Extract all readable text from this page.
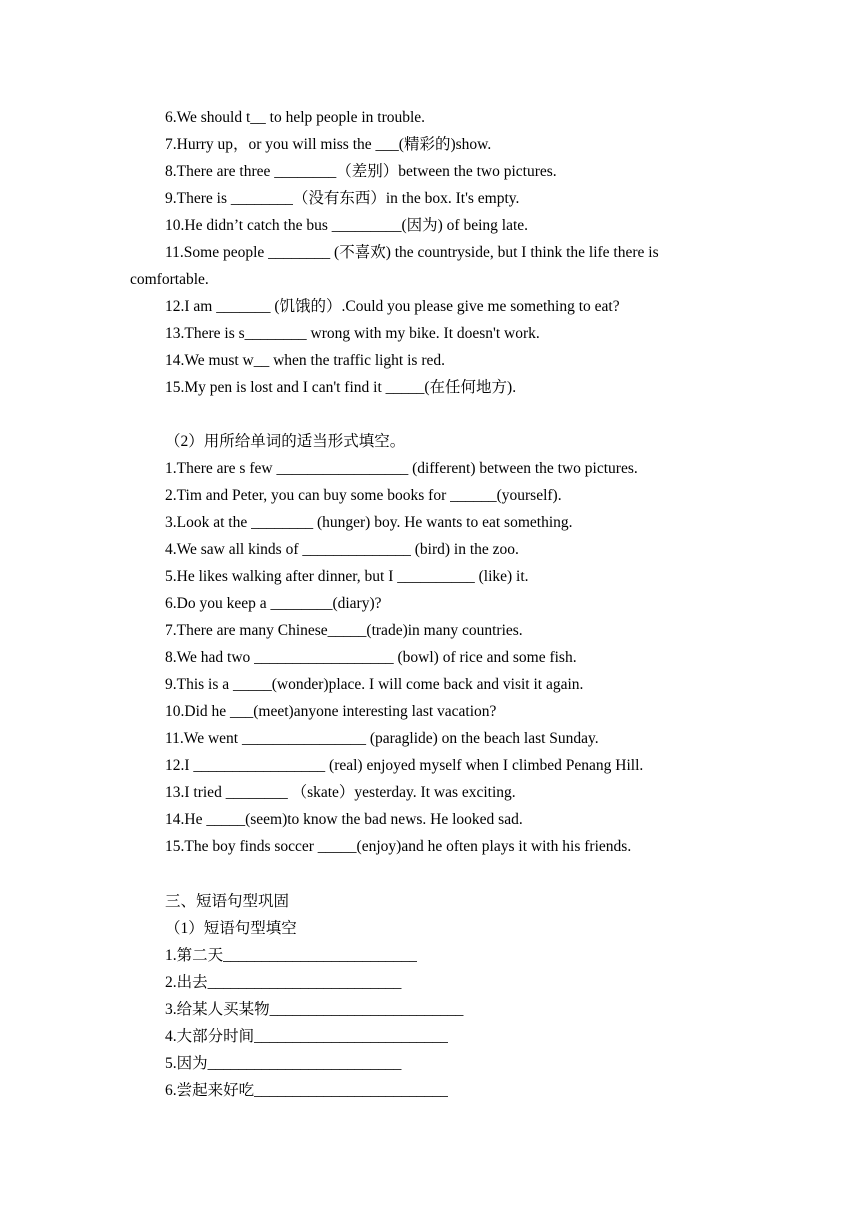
6.We should t__ to help people in trouble.

7.Hurry up，or you will miss the ___(精彩的)show.

8.There are three ________（差别）between the two pictures.

9.There is ________（没有东西）in the box. It's empty.

10.He didn’t catch the bus _________(因为) of being late.

11.Some people ________ (不喜欢) the countryside, but I think the life there is comfortable.

12.I am _______ (饥饿的）.Could you please give me something to eat?

13.There is s________ wrong with my bike. It doesn't work.

14.We must w__ when the traffic light is red.

15.My pen is lost and I can't find it _____(在任何地方).

（2）用所给单词的适当形式填空。

1.There are s few _________________ (different) between the two pictures.

2.Tim and Peter, you can buy some books for ______(yourself).

3.Look at the ________ (hunger) boy. He wants to eat something.

4.We saw all kinds of ______________ (bird) in the zoo.

5.He likes walking after dinner, but I __________ (like) it.

6.Do you keep a ________(diary)?

7.There are many Chinese_____(trade)in many countries.

8.We had two __________________ (bowl) of rice and some fish.

9.This is a _____(wonder)place. I will come back and visit it again.

10.Did he ___(meet)anyone interesting last vacation?

11.We went ________________ (paraglide) on the beach last Sunday.

12.I _________________ (real) enjoyed myself when I climbed Penang Hill.

13.I tried ________ （skate）yesterday. It was exciting.

14.He _____(seem)to know the bad news. He looked sad.

15.The boy finds soccer _____(enjoy)and he often plays it with his friends.

三、短语句型巩固

（1）短语句型填空

1.第二天_________________________

2.出去_________________________

3.给某人买某物_________________________

4.大部分时间_________________________

5.因为_________________________

6.尝起来好吃_________________________
